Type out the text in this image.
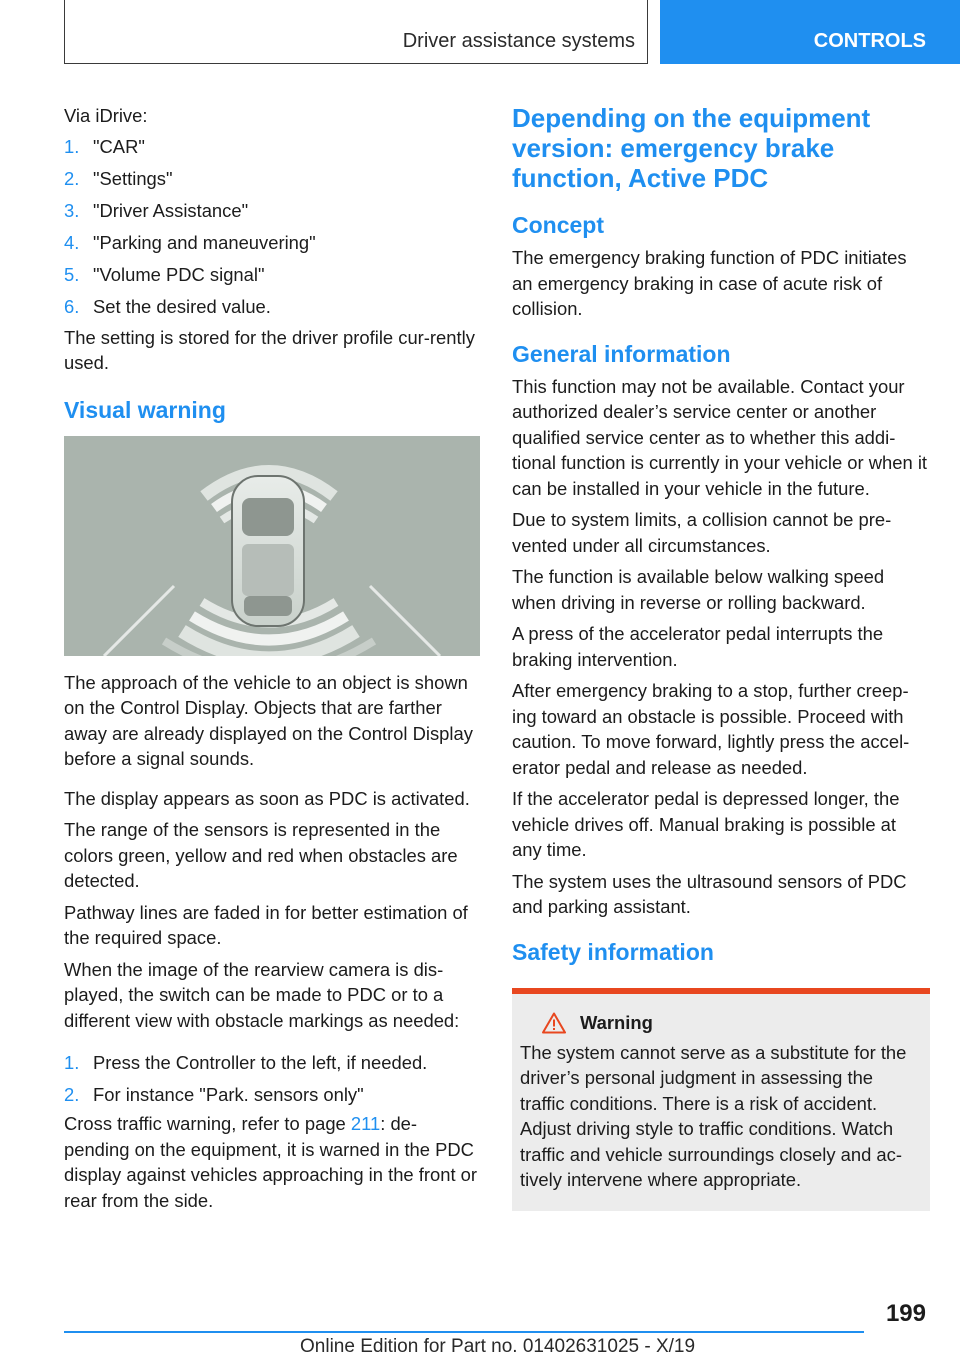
Driver assistance systems	CONTROLS

Via iDrive:

1. "CAR"
2. "Settings"
3. "Driver Assistance"
4. "Parking and maneuvering"
5. "Volume PDC signal"
6. Set the desired value.

The setting is stored for the driver profile cur-rently used.

Visual warning

The approach of the vehicle to an object is shown on the Control Display. Objects that are farther away are already displayed on the Control Display before a signal sounds.

The display appears as soon as PDC is activated.

The range of the sensors is represented in the colors green, yellow and red when obstacles are detected.

Pathway lines are faded in for better estimation of the required space.

When the image of the rearview camera is dis-played, the switch can be made to PDC or to a different view with obstacle markings as needed:

1. Press the Controller to the left, if needed.
2. For instance "Park. sensors only"

Cross traffic warning, refer to page 211: de-pending on the equipment, it is warned in the PDC display against vehicles approaching in the front or rear from the side.

Depending on the equipment version: emergency brake function, Active PDC
Concept

The emergency braking function of PDC initiates an emergency braking in case of acute risk of collision.

General information

This function may not be available. Contact your authorized dealer’s service center or another qualified service center as to whether this addi-tional function is currently in your vehicle or when it can be installed in your vehicle in the future.

Due to system limits, a collision cannot be pre-vented under all circumstances.

The function is available below walking speed when driving in reverse or rolling backward.

A press of the accelerator pedal interrupts the braking intervention.

After emergency braking to a stop, further creep-ing toward an obstacle is possible. Proceed with caution. To move forward, lightly press the accel-erator pedal and release as needed.

If the accelerator pedal is depressed longer, the vehicle drives off. Manual braking is possible at any time.

The system uses the ultrasound sensors of PDC and parking assistant.

Safety information
Warning

The system cannot serve as a substitute for the driver’s personal judgment in assessing the traffic conditions. There is a risk of accident. Adjust driving style to traffic conditions. Watch traffic and vehicle surroundings closely and ac-tively intervene where appropriate.

199
Online Edition for Part no. 01402631025 - X/19
